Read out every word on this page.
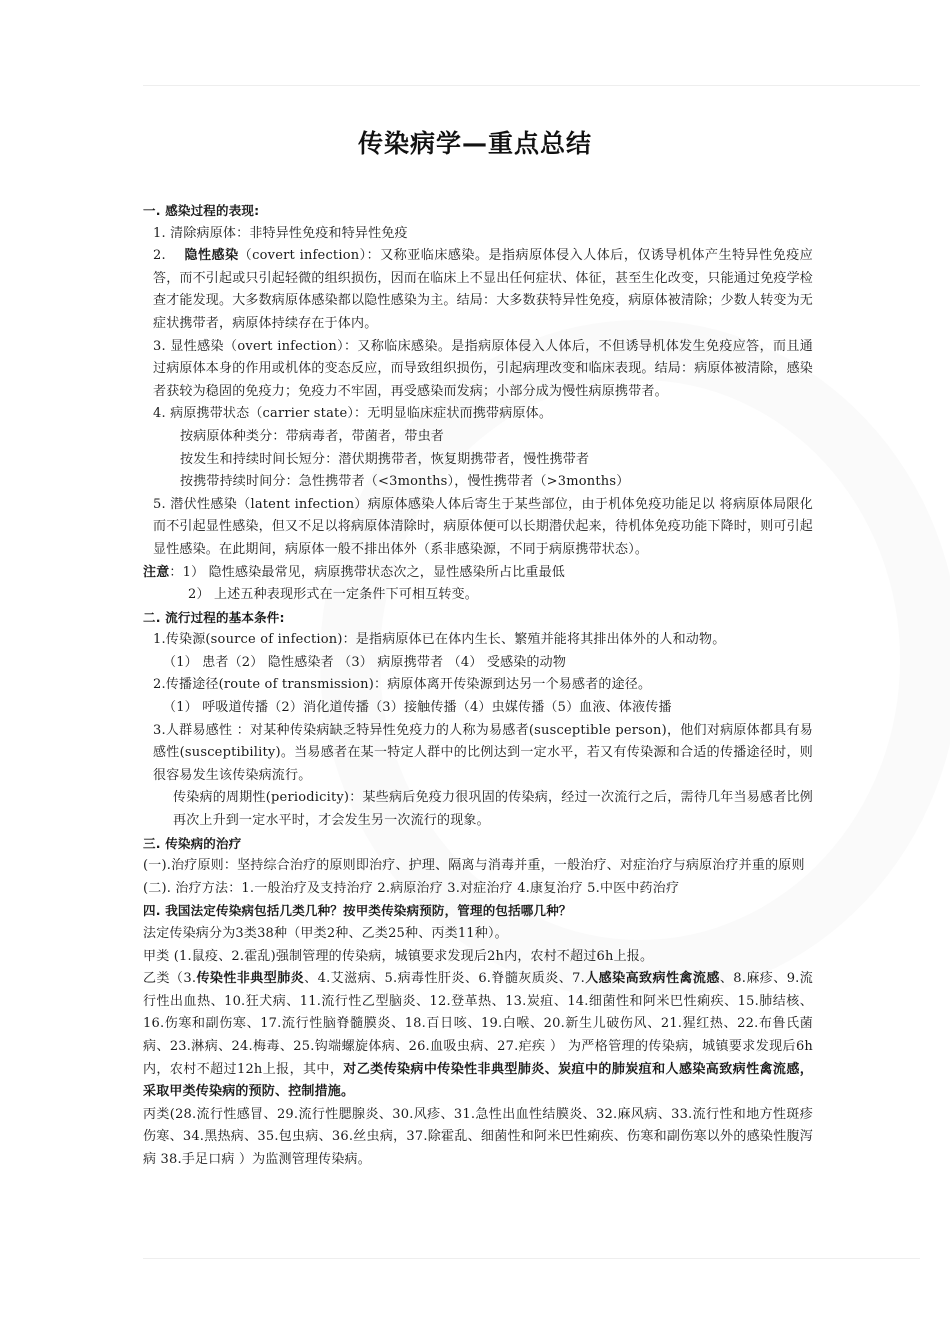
传染病学—重点总结

一. 感染过程的表现:

1. 清除病原体：非特异性免疫和特异性免疫

2. 隐性感染（covert infection）：又称亚临床感染。是指病原体侵入人体后，仅诱导机体产生特异性免疫应答，而不引起或只引起轻微的组织损伤，因而在临床上不显出任何症状、体征，甚至生化改变，只能通过免疫学检查才能发现。大多数病原体感染都以隐性感染为主。结局：大多数获特异性免疫，病原体被清除；少数人转变为无症状携带者，病原体持续存在于体内。

3. 显性感染（overt infection）：又称临床感染。是指病原体侵入人体后，不但诱导机体发生免疫应答，而且通过病原体本身的作用或机体的变态反应，而导致组织损伤，引起病理改变和临床表现。结局：病原体被清除，感染者获较为稳固的免疫力；免疫力不牢固，再受感染而发病；小部分成为慢性病原携带者。

4. 病原携带状态（carrier state）：无明显临床症状而携带病原体。

按病原体种类分：带病毒者，带菌者，带虫者

按发生和持续时间长短分：潜伏期携带者，恢复期携带者，慢性携带者

按携带持续时间分：急性携带者（<3months），慢性携带者（>3months）

5. 潜伏性感染（latent infection）病原体感染人体后寄生于某些部位，由于机体免疫功能足以 将病原体局限化而不引起显性感染，但又不足以将病原体清除时，病原体便可以长期潜伏起来，待机体免疫功能下降时，则可引起显性感染。在此期间，病原体一般不排出体外（系非感染源，不同于病原携带状态）。

注意：1） 隐性感染最常见，病原携带状态次之，显性感染所占比重最低

2） 上述五种表现形式在一定条件下可相互转变。

二. 流行过程的基本条件:

1.传染源(source of infection)：是指病原体已在体内生长、繁殖并能将其排出体外的人和动物。

（1） 患者（2） 隐性感染者 （3） 病原携带者 （4） 受感染的动物

2.传播途径(route of transmission)：病原体离开传染源到达另一个易感者的途径。

（1） 呼吸道传播（2）消化道传播（3）接触传播（4）虫媒传播（5）血液、体液传播

3.人群易感性 ：对某种传染病缺乏特异性免疫力的人称为易感者(susceptible person)，他们对病原体都具有易感性(susceptibility)。当易感者在某一特定人群中的比例达到一定水平，若又有传染源和合适的传播途径时，则很容易发生该传染病流行。

传染病的周期性(periodicity)：某些病后免疫力很巩固的传染病，经过一次流行之后，需待几年当易感者比例再次上升到一定水平时，才会发生另一次流行的现象。

三. 传染病的治疗

(一).治疗原则：坚持综合治疗的原则即治疗、护理、隔离与消毒并重，一般治疗、对症治疗与病原治疗并重的原则

(二). 治疗方法：1.一般治疗及支持治疗 2.病原治疗 3.对症治疗 4.康复治疗 5.中医中药治疗

四. 我国法定传染病包括几类几种？按甲类传染病预防，管理的包括哪几种？

法定传染病分为3类38种（甲类2种、乙类25种、丙类11种）。

甲类 (1.鼠疫、2.霍乱)强制管理的传染病，城镇要求发现后2h内，农村不超过6h上报。

乙类（3.传染性非典型肺炎、4.艾滋病、5.病毒性肝炎、6.脊髓灰质炎、7.人感染高致病性禽流感、8.麻疹、9.流行性出血热、10.狂犬病、11.流行性乙型脑炎、12.登革热、13.炭疽、14.细菌性和阿米巴性痢疾、15.肺结核、16.伤寒和副伤寒、17.流行性脑脊髓膜炎、18.百日咳、19.白喉、20.新生儿破伤风、21.猩红热、22.布鲁氏菌病、23.淋病、24.梅毒、25.钩端螺旋体病、26.血吸虫病、27.疟疾 ） 为严格管理的传染病，城镇要求发现后6h内，农村不超过12h上报，其中，对乙类传染病中传染性非典型肺炎、炭疽中的肺炭疽和人感染高致病性禽流感，采取甲类传染病的预防、控制措施。

丙类(28.流行性感冒、29.流行性腮腺炎、30.风疹、31.急性出血性结膜炎、32.麻风病、33.流行性和地方性斑疹伤寒、34.黑热病、35.包虫病、36.丝虫病，37.除霍乱、细菌性和阿米巴性痢疾、伤寒和副伤寒以外的感染性腹泻病 38.手足口病 ）为监测管理传染病。
